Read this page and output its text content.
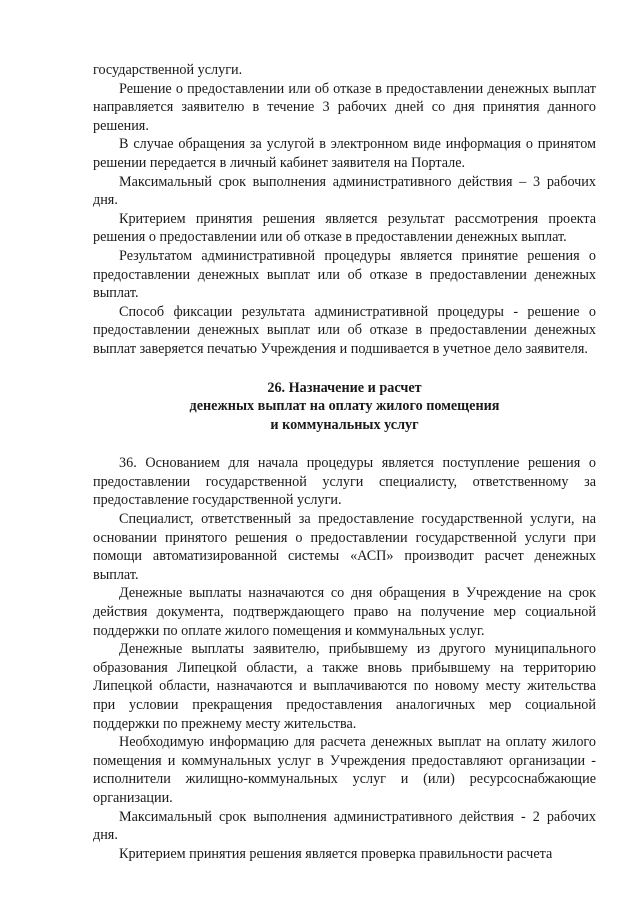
государственной услуги.

Решение о предоставлении или об отказе в предоставлении денежных выплат направляется заявителю в течение 3 рабочих дней со дня принятия данного решения.

В случае обращения за услугой в электронном виде информация о принятом решении передается в личный кабинет заявителя на Портале.

Максимальный срок выполнения административного действия – 3 рабочих дня.

Критерием принятия решения является результат рассмотрения проекта решения о предоставлении или об отказе в предоставлении денежных выплат.

Результатом административной процедуры является принятие решения о предоставлении денежных выплат или об отказе в предоставлении денежных выплат.

Способ фиксации результата административной процедуры - решение о предоставлении денежных выплат или об отказе в предоставлении денежных выплат заверяется печатью Учреждения и подшивается в учетное дело заявителя.

26. Назначение и расчет
денежных выплат на оплату жилого помещения
и коммунальных услуг

36. Основанием для начала процедуры является поступление решения о предоставлении государственной услуги специалисту, ответственному за предоставление государственной услуги.

Специалист, ответственный за предоставление государственной услуги, на основании принятого решения о предоставлении государственной услуги при помощи автоматизированной системы «АСП» производит расчет денежных выплат.

Денежные выплаты назначаются со дня обращения в Учреждение на срок действия документа, подтверждающего право на получение мер социальной поддержки по оплате жилого помещения и коммунальных услуг.

Денежные выплаты заявителю, прибывшему из другого муниципального образования Липецкой области, а также вновь прибывшему на территорию Липецкой области, назначаются и выплачиваются по новому месту жительства при условии прекращения предоставления аналогичных мер социальной поддержки по прежнему месту жительства.

Необходимую информацию для расчета денежных выплат на оплату жилого помещения и коммунальных услуг в Учреждения предоставляют организации - исполнители жилищно-коммунальных услуг и (или) ресурсоснабжающие организации.

Максимальный срок выполнения административного действия - 2 рабочих дня.

Критерием принятия решения является проверка правильности расчета
